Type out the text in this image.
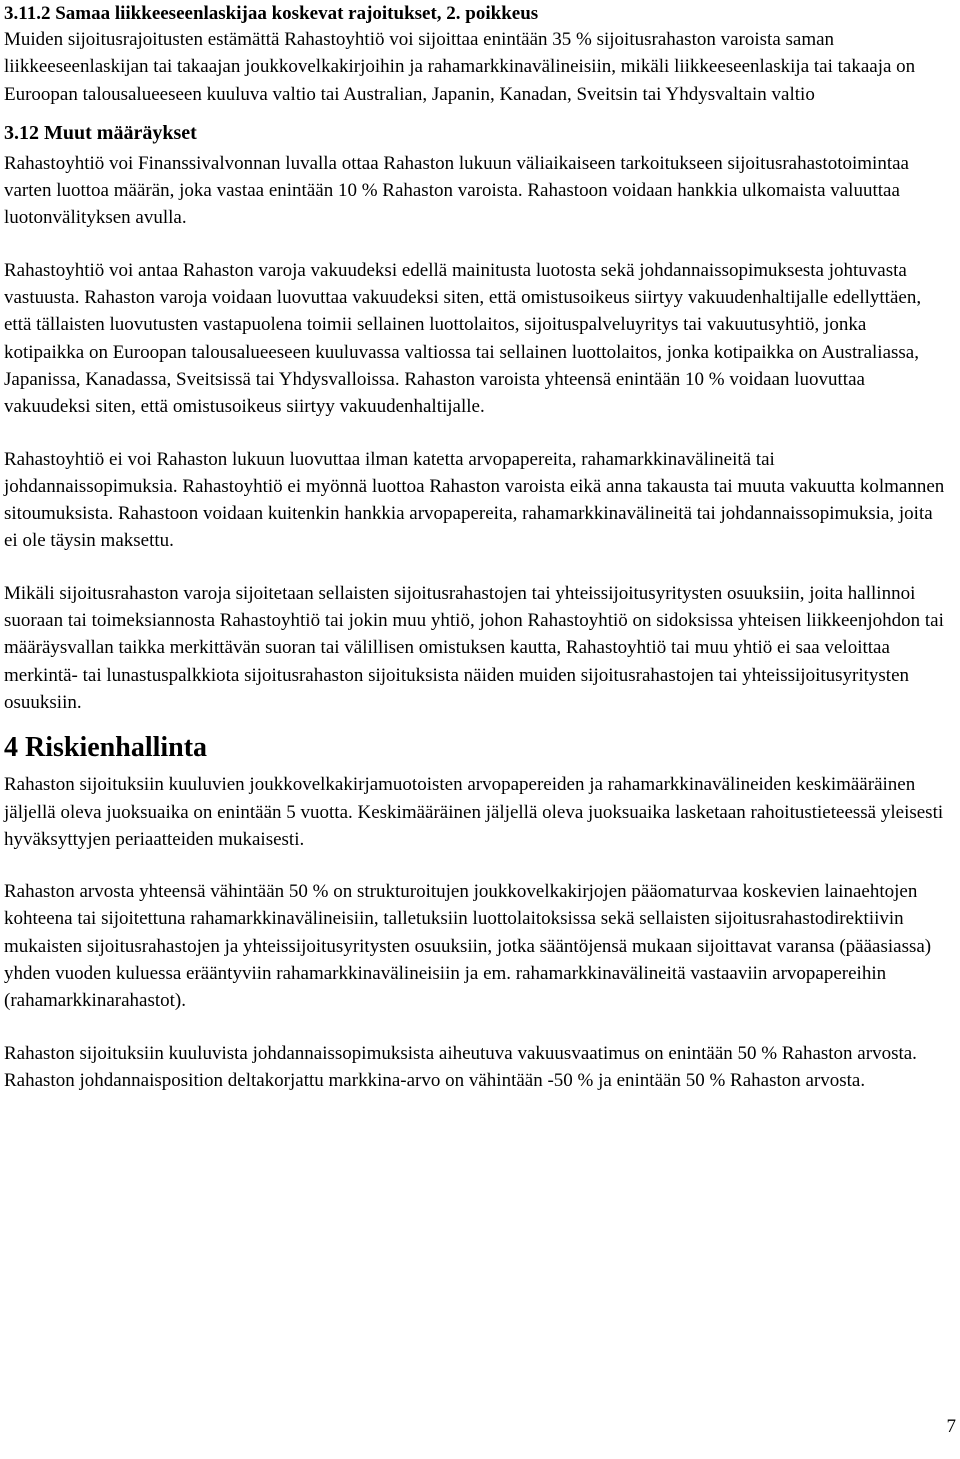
3.11.2 Samaa liikkeeseenlaskijaa koskevat rajoitukset, 2. poikkeus

Muiden sijoitusrajoitusten estämättä Rahastoyhtiö voi sijoittaa enintään 35 % sijoitusrahaston varoista saman liikkeeseenlaskijan tai takaajan joukkovelkakirjoihin ja rahamarkkinavälineisiin, mikäli liikkeeseenlaskija tai takaaja on Euroopan talousalueeseen kuuluva valtio tai Australian, Japanin, Kanadan, Sveitsin tai Yhdysvaltain valtio

3.12 Muut määräykset

Rahastoyhtiö voi Finanssivalvonnan luvalla ottaa Rahaston lukuun väliaikaiseen tarkoitukseen sijoitusrahastotoimintaa varten luottoa määrän, joka vastaa enintään 10 % Rahaston varoista. Rahastoon voidaan hankkia ulkomaista valuuttaa luotonvälityksen avulla.

Rahastoyhtiö voi antaa Rahaston varoja vakuudeksi edellä mainitusta luotosta sekä johdannaissopimuksesta johtuvasta vastuusta. Rahaston varoja voidaan luovuttaa vakuudeksi siten, että omistusoikeus siirtyy vakuudenhaltijalle edellyttäen, että tällaisten luovutusten vastapuolena toimii sellainen luottolaitos, sijoituspalveluyritys tai vakuutusyhtiö, jonka kotipaikka on Euroopan talousalueeseen kuuluvassa valtiossa tai sellainen luottolaitos, jonka kotipaikka on Australiassa, Japanissa, Kanadassa, Sveitsissä tai Yhdysvalloissa. Rahaston varoista yhteensä enintään 10 % voidaan luovuttaa vakuudeksi siten, että omistusoikeus siirtyy vakuudenhaltijalle.

Rahastoyhtiö ei voi Rahaston lukuun luovuttaa ilman katetta arvopapereita, rahamarkkinavälineitä tai johdannaissopimuksia. Rahastoyhtiö ei myönnä luottoa Rahaston varoista eikä anna takausta tai muuta vakuutta kolmannen sitoumuksista. Rahastoon voidaan kuitenkin hankkia arvopapereita, rahamarkkinavälineitä tai johdannaissopimuksia, joita ei ole täysin maksettu.

Mikäli sijoitusrahaston varoja sijoitetaan sellaisten sijoitusrahastojen tai yhteissijoitusyritysten osuuksiin, joita hallinnoi suoraan tai toimeksiannosta Rahastoyhtiö tai jokin muu yhtiö, johon Rahastoyhtiö on sidoksissa yhteisen liikkeenjohdon tai määräysvallan taikka merkittävän suoran tai välillisen omistuksen kautta, Rahastoyhtiö tai muu yhtiö ei saa veloittaa merkintä- tai lunastuspalkkiota sijoitusrahaston sijoituksista näiden muiden sijoitusrahastojen tai yhteissijoitusyritysten osuuksiin.

4 Riskienhallinta

Rahaston sijoituksiin kuuluvien joukkovelkakirjamuotoisten arvopapereiden ja rahamarkkinavälineiden keskimääräinen jäljellä oleva juoksuaika on enintään 5 vuotta. Keskimääräinen jäljellä oleva juoksuaika lasketaan rahoitustieteessä yleisesti hyväksyttyjen periaatteiden mukaisesti.

Rahaston arvosta yhteensä vähintään 50 % on strukturoitujen joukkovelkakirjojen pääomaturvaa koskevien lainaehtojen kohteena tai sijoitettuna rahamarkkinavälineisiin, talletuksiin luottolaitoksissa sekä sellaisten sijoitusrahastodirektiivin mukaisten sijoitusrahastojen ja yhteissijoitusyritysten osuuksiin, jotka sääntöjensä mukaan sijoittavat varansa (pääasiassa) yhden vuoden kuluessa erääntyviin rahamarkkinavälineisiin ja em. rahamarkkinavälineitä vastaaviin arvopapereihin (rahamarkkinarahastot).

Rahaston sijoituksiin kuuluvista johdannaissopimuksista aiheutuva vakuusvaatimus on enintään 50 % Rahaston arvosta. Rahaston johdannaisposition deltakorjattu markkina-arvo on vähintään -50 % ja enintään 50 % Rahaston arvosta.

7
